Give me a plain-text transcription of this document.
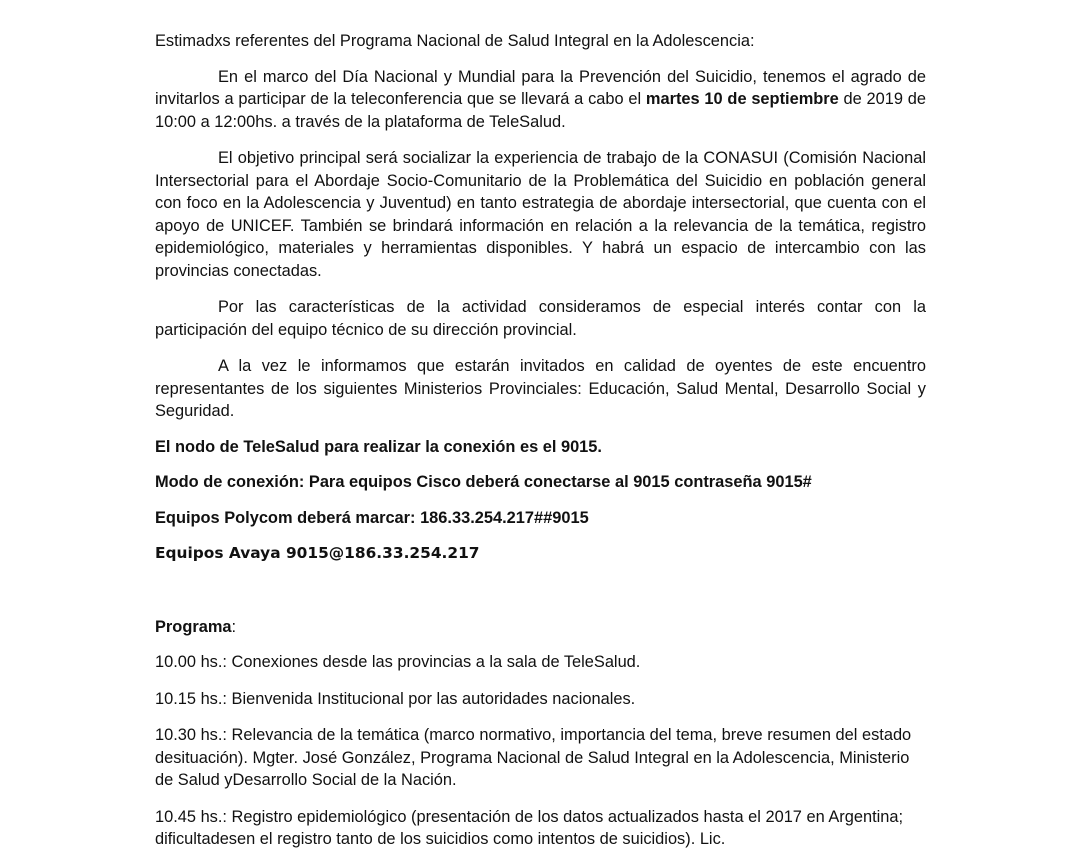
Estimadxs referentes del Programa Nacional de Salud Integral en la Adolescencia:

En el marco del Día Nacional y Mundial para la Prevención del Suicidio, tenemos el agrado de invitarlos a participar de la teleconferencia que se llevará a cabo el martes 10 de septiembre de 2019 de 10:00 a 12:00hs. a través de la plataforma de TeleSalud.

El objetivo principal será socializar la experiencia de trabajo de la CONASUI (Comisión Nacional Intersectorial para el Abordaje Socio-Comunitario de la Problemática del Suicidio en población general con foco en la Adolescencia y Juventud) en tanto estrategia de abordaje intersectorial, que cuenta con el apoyo de UNICEF. También se brindará información en relación a la relevancia de la temática, registro epidemiológico, materiales y herramientas disponibles. Y habrá un espacio de intercambio con las provincias conectadas.

Por las características de la actividad consideramos de especial interés contar con la participación del equipo técnico de su dirección provincial.

A la vez le informamos que estarán invitados en calidad de oyentes de este encuentro representantes de los siguientes Ministerios Provinciales: Educación, Salud Mental, Desarrollo Social y Seguridad.

El nodo de TeleSalud para realizar la conexión es el 9015.

Modo de conexión: Para equipos Cisco deberá conectarse al 9015 contraseña 9015#

Equipos Polycom deberá marcar: 186.33.254.217##9015

Equipos Avaya 9015@186.33.254.217

Programa:

10.00 hs.: Conexiones desde las provincias a la sala de TeleSalud.

10.15 hs.: Bienvenida Institucional por las autoridades nacionales.

10.30 hs.: Relevancia de la temática (marco normativo, importancia del tema, breve resumen del estado desituación). Mgter. José González, Programa Nacional de Salud Integral en la Adolescencia, Ministerio de Salud yDesarrollo Social de la Nación.

10.45 hs.: Registro epidemiológico (presentación de los datos actualizados hasta el 2017 en Argentina; dificultadesen el registro tanto de los suicidios como intentos de suicidios). Lic.
